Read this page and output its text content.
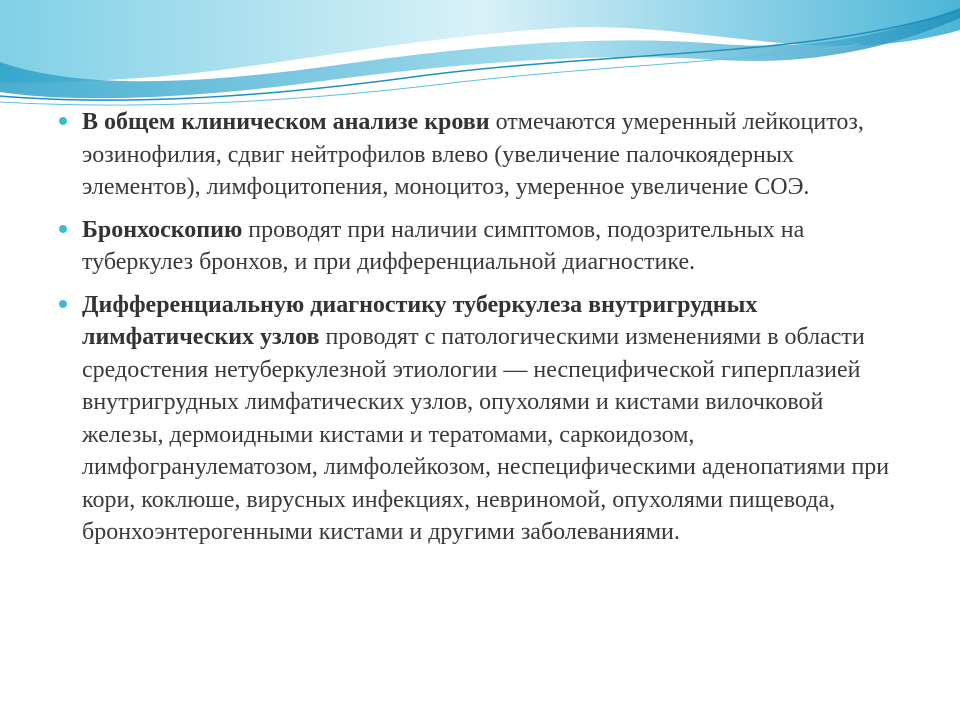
В общем клиническом анализе крови отмечаются умеренный лейкоцитоз, эозинофилия, сдвиг нейтрофилов влево (увеличение палочкоядерных элементов), лимфоцитопения, моноцитоз, умеренное увеличение СОЭ.
Бронхоскопию проводят при наличии симптомов, подозрительных на туберкулез бронхов, и при дифференциальной диагностике.
Дифференциальную диагностику туберкулеза внутригрудных лимфатических узлов проводят с патологическими изменениями в области средостения нетуберкулезной этиологии — неспецифической гиперплазией внутригрудных лимфатических узлов, опухолями и кистами вилочковой железы, дермоидными кистами и тератомами, саркоидозом, лимфогранулематозом, лимфолейкозом, неспецифическими аденопатиями при кори, коклюше, вирусных инфекциях, невриномой, опухолями пищевода, бронхоэнтерогенными кистами и другими заболеваниями.
